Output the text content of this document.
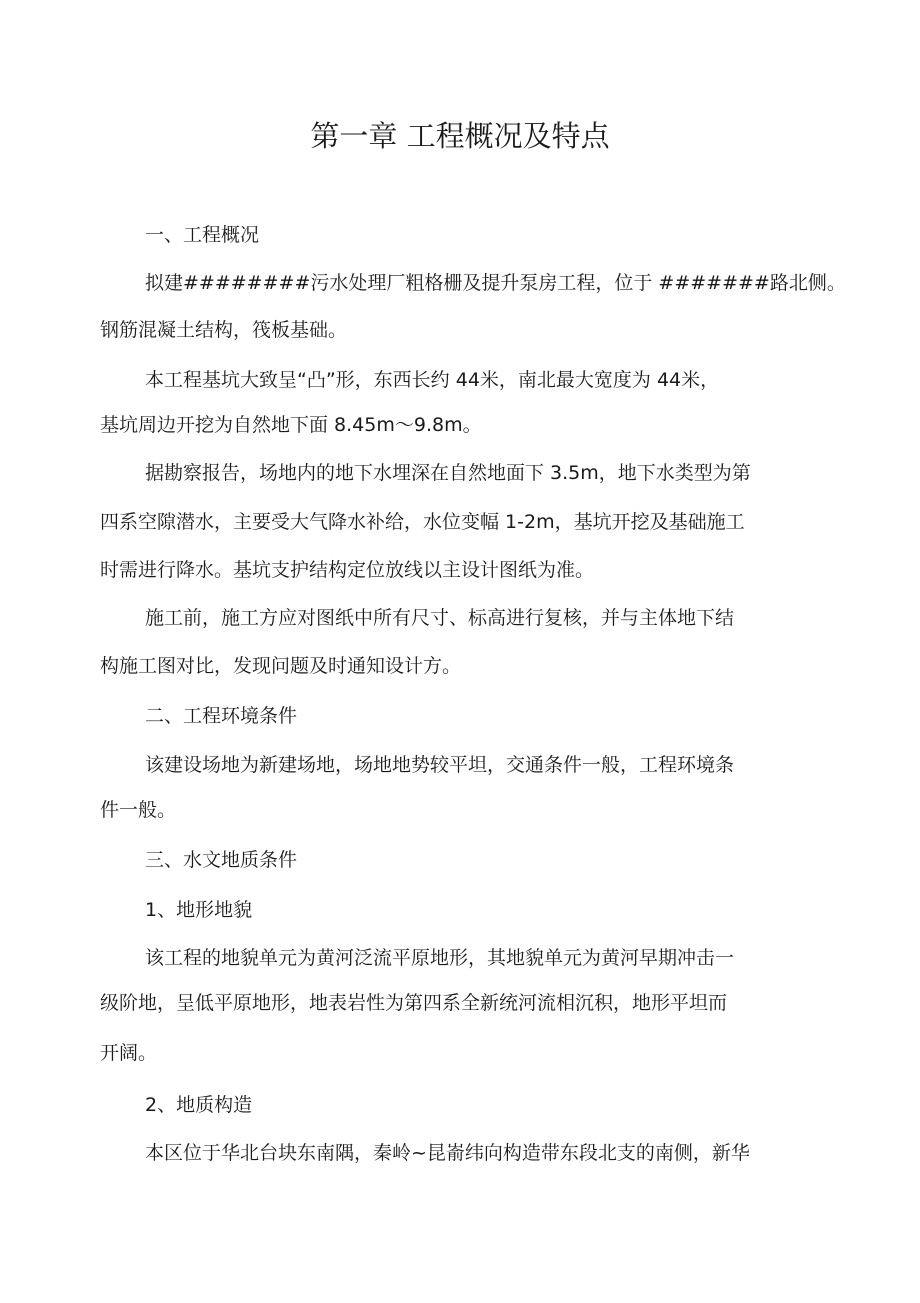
第一章 工程概况及特点
一、工程概况
拟建########污水处理厂粗格栅及提升泵房工程，位于 #######路北侧。
钢筋混凝土结构，筏板基础。
本工程基坑大致呈“凸”形，东西长约 44米，南北最大宽度为 44米，
基坑周边开挖为自然地下面 8.45m～9.8m。
据勘察报告，场地内的地下水埋深在自然地面下 3.5m，地下水类型为第
四系空隙潜水，主要受大气降水补给，水位变幅 1-2m，基坑开挖及基础施工
时需进行降水。基坑支护结构定位放线以主设计图纸为准。
施工前，施工方应对图纸中所有尺寸、标高进行复核，并与主体地下结
构施工图对比，发现问题及时通知设计方。
二、工程环境条件
该建设场地为新建场地，场地地势较平坦，交通条件一般，工程环境条
件一般。
三、水文地质条件
1、地形地貌
该工程的地貌单元为黄河泛流平原地形，其地貌单元为黄河早期冲击一
级阶地，呈低平原地形，地表岩性为第四系全新统河流相沉积，地形平坦而
开阔。
2、地质构造
本区位于华北台块东南隅，秦岭~昆嵛纬向构造带东段北支的南侧，新华
